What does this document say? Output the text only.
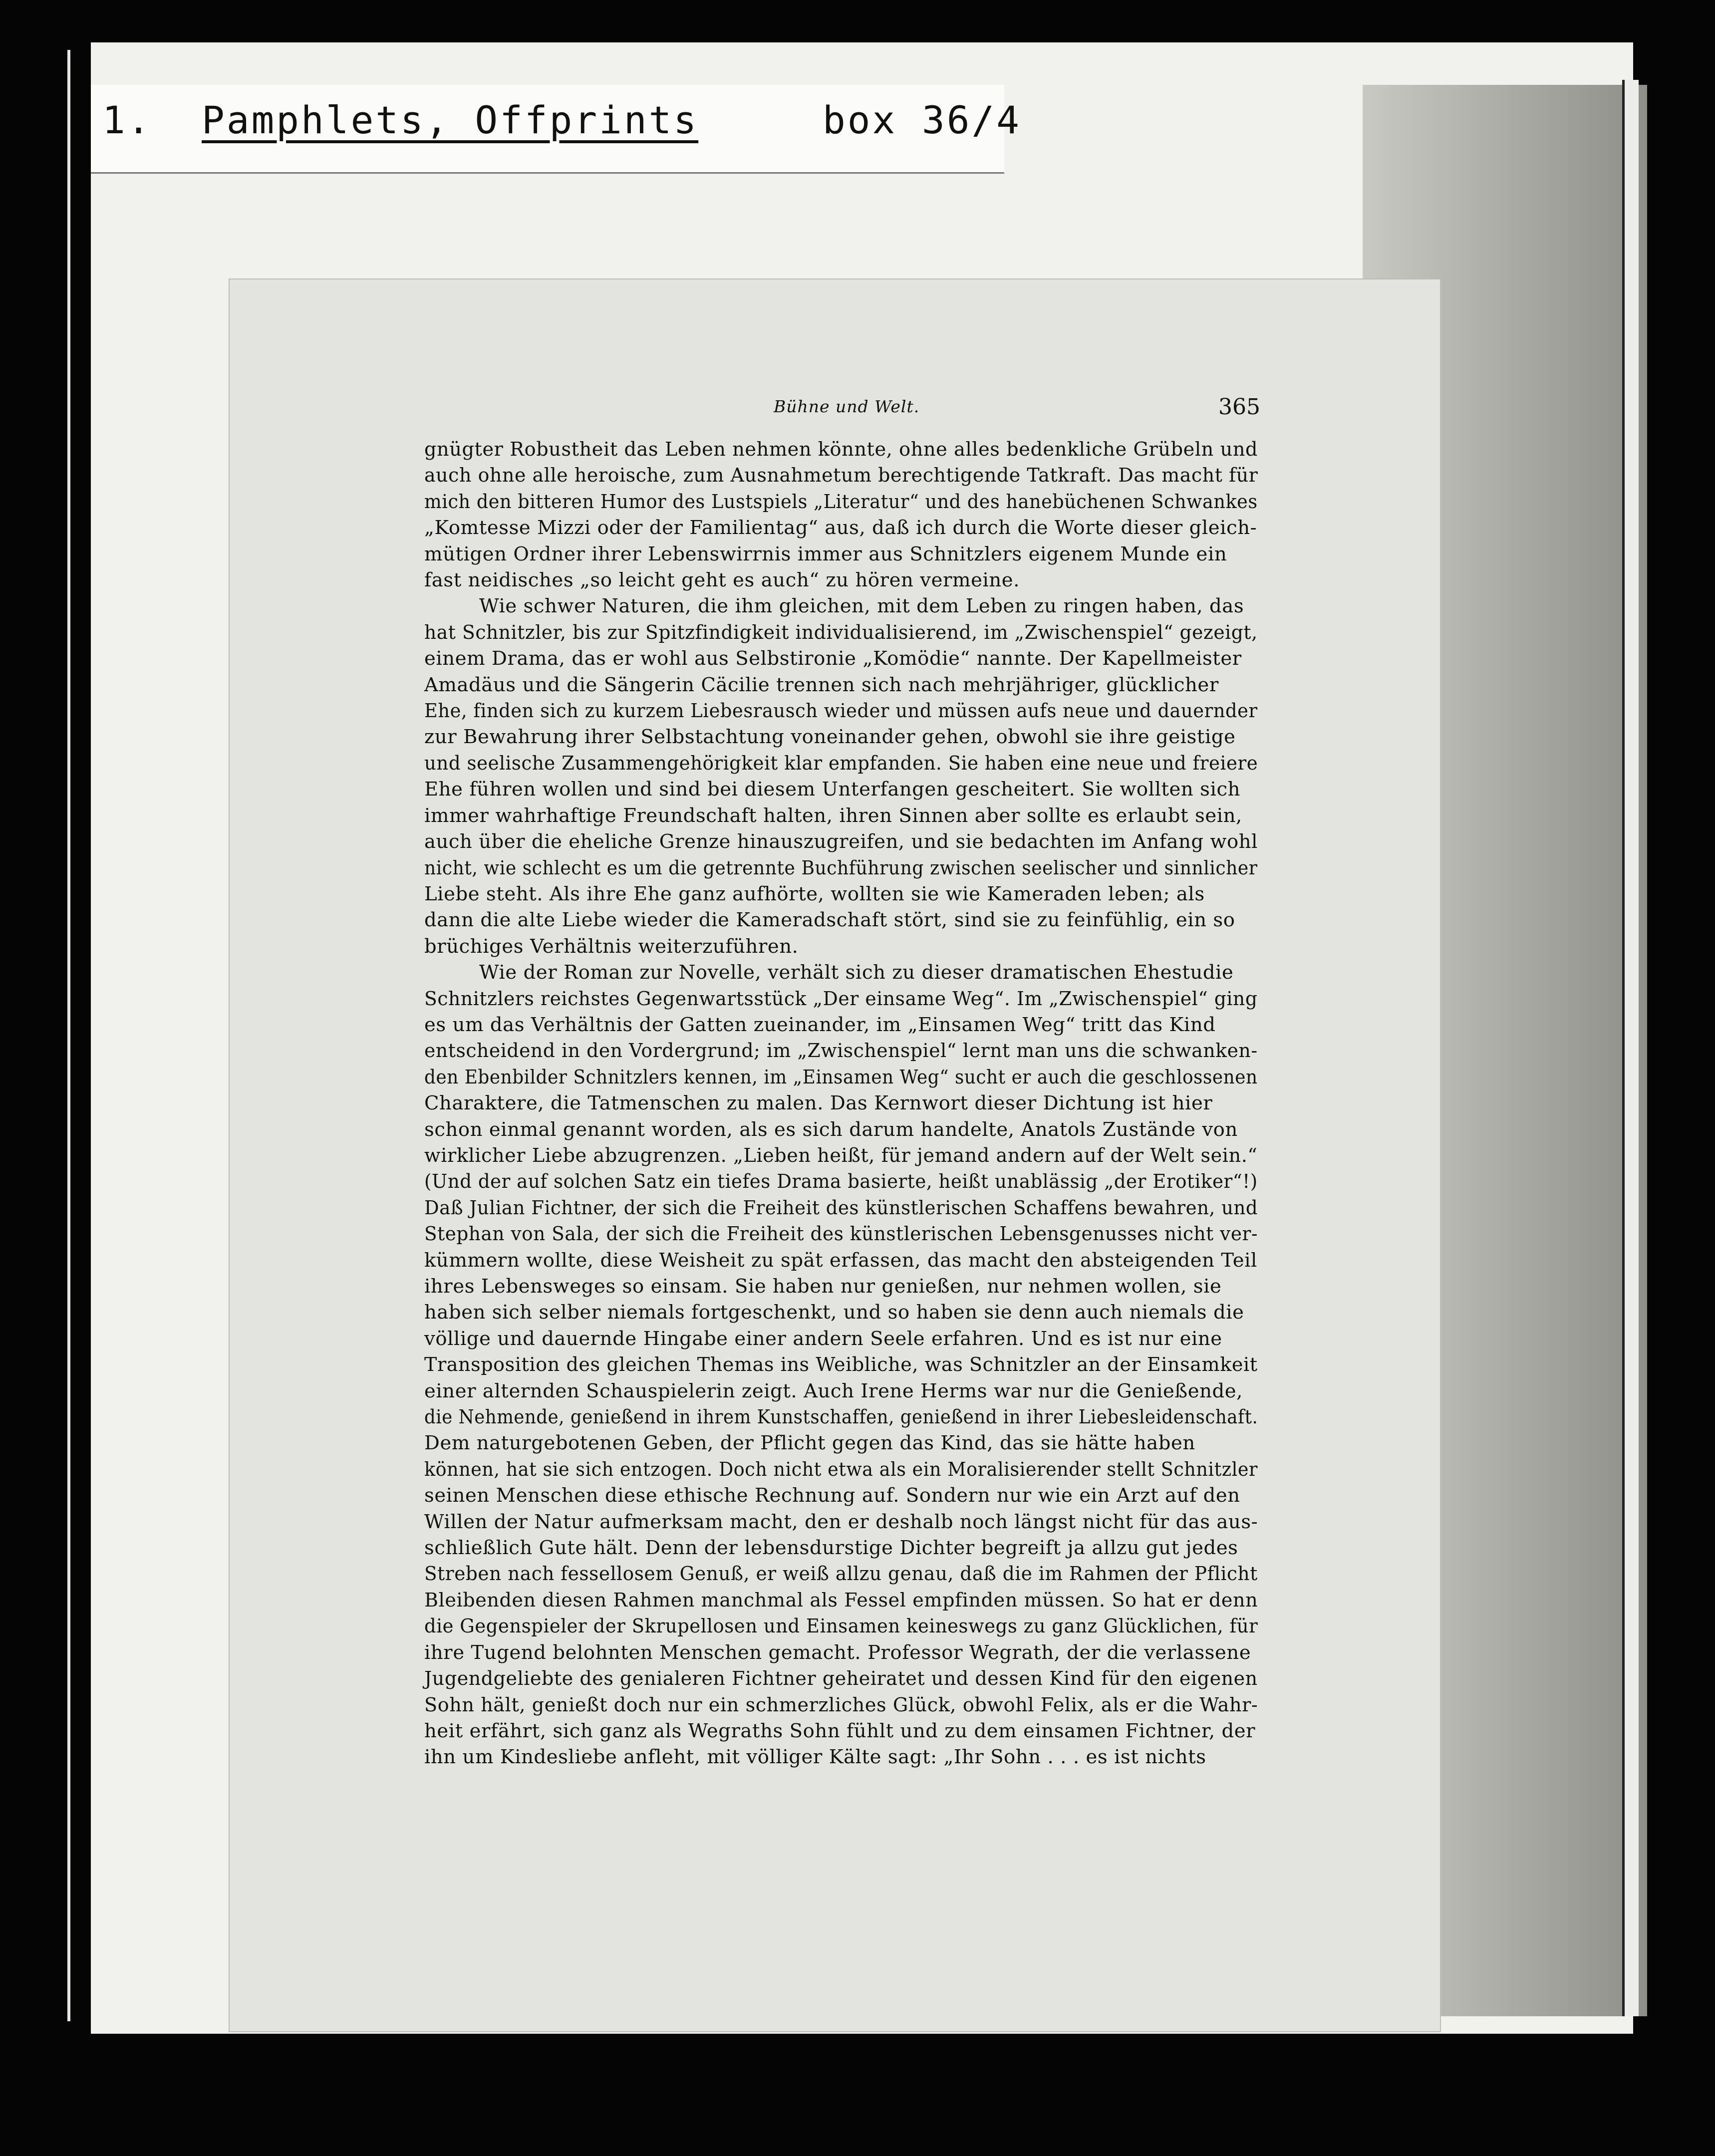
1. Pamphlets, Offprints	box 36/4
Bühne und Welt.	365
gnügter Robustheit das Leben nehmen könnte, ohne alles bedenkliche Grübeln und
auch ohne alle heroische, zum Ausnahmetum berechtigende Tatkraft. Das macht für
mich den bitteren Humor des Lustspiels „Literatur“ und des hanebüchenen Schwankes
„Komtesse Mizzi oder der Familientag“ aus, daß ich durch die Worte dieser gleich-
mütigen Ordner ihrer Lebenswirrnis immer aus Schnitzlers eigenem Munde ein
fast neidisches „so leicht geht es auch“ zu hören vermeine.
Wie schwer Naturen, die ihm gleichen, mit dem Leben zu ringen haben, das
hat Schnitzler, bis zur Spitzfindigkeit individualisierend, im „Zwischenspiel“ gezeigt,
einem Drama, das er wohl aus Selbstironie „Komödie“ nannte. Der Kapellmeister
Amadäus und die Sängerin Cäcilie trennen sich nach mehrjähriger, glücklicher
Ehe, finden sich zu kurzem Liebesrausch wieder und müssen aufs neue und dauernder
zur Bewahrung ihrer Selbstachtung voneinander gehen, obwohl sie ihre geistige
und seelische Zusammengehörigkeit klar empfanden. Sie haben eine neue und freiere
Ehe führen wollen und sind bei diesem Unterfangen gescheitert. Sie wollten sich
immer wahrhaftige Freundschaft halten, ihren Sinnen aber sollte es erlaubt sein,
auch über die eheliche Grenze hinauszugreifen, und sie bedachten im Anfang wohl
nicht, wie schlecht es um die getrennte Buchführung zwischen seelischer und sinnlicher
Liebe steht. Als ihre Ehe ganz aufhörte, wollten sie wie Kameraden leben; als
dann die alte Liebe wieder die Kameradschaft stört, sind sie zu feinfühlig, ein so
brüchiges Verhältnis weiterzuführen.
Wie der Roman zur Novelle, verhält sich zu dieser dramatischen Ehestudie
Schnitzlers reichstes Gegenwartsstück „Der einsame Weg“. Im „Zwischenspiel“ ging
es um das Verhältnis der Gatten zueinander, im „Einsamen Weg“ tritt das Kind
entscheidend in den Vordergrund; im „Zwischenspiel“ lernt man uns die schwanken-
den Ebenbilder Schnitzlers kennen, im „Einsamen Weg“ sucht er auch die geschlossenen
Charaktere, die Tatmenschen zu malen. Das Kernwort dieser Dichtung ist hier
schon einmal genannt worden, als es sich darum handelte, Anatols Zustände von
wirklicher Liebe abzugrenzen. „Lieben heißt, für jemand andern auf der Welt sein.“
(Und der auf solchen Satz ein tiefes Drama basierte, heißt unablässig „der Erotiker“!)
Daß Julian Fichtner, der sich die Freiheit des künstlerischen Schaffens bewahren, und
Stephan von Sala, der sich die Freiheit des künstlerischen Lebensgenusses nicht ver-
kümmern wollte, diese Weisheit zu spät erfassen, das macht den absteigenden Teil
ihres Lebensweges so einsam. Sie haben nur genießen, nur nehmen wollen, sie
haben sich selber niemals fortgeschenkt, und so haben sie denn auch niemals die
völlige und dauernde Hingabe einer andern Seele erfahren. Und es ist nur eine
Transposition des gleichen Themas ins Weibliche, was Schnitzler an der Einsamkeit
einer alternden Schauspielerin zeigt. Auch Irene Herms war nur die Genießende,
die Nehmende, genießend in ihrem Kunstschaffen, genießend in ihrer Liebesleidenschaft.
Dem naturgebotenen Geben, der Pflicht gegen das Kind, das sie hätte haben
können, hat sie sich entzogen. Doch nicht etwa als ein Moralisierender stellt Schnitzler
seinen Menschen diese ethische Rechnung auf. Sondern nur wie ein Arzt auf den
Willen der Natur aufmerksam macht, den er deshalb noch längst nicht für das aus-
schließlich Gute hält. Denn der lebensdurstige Dichter begreift ja allzu gut jedes
Streben nach fessellosem Genuß, er weiß allzu genau, daß die im Rahmen der Pflicht
Bleibenden diesen Rahmen manchmal als Fessel empfinden müssen. So hat er denn
die Gegenspieler der Skrupellosen und Einsamen keineswegs zu ganz Glücklichen, für
ihre Tugend belohnten Menschen gemacht. Professor Wegrath, der die verlassene
Jugendgeliebte des genialeren Fichtner geheiratet und dessen Kind für den eigenen
Sohn hält, genießt doch nur ein schmerzliches Glück, obwohl Felix, als er die Wahr-
heit erfährt, sich ganz als Wegraths Sohn fühlt und zu dem einsamen Fichtner, der
ihn um Kindesliebe anfleht, mit völliger Kälte sagt: „Ihr Sohn . . . es ist nichts
